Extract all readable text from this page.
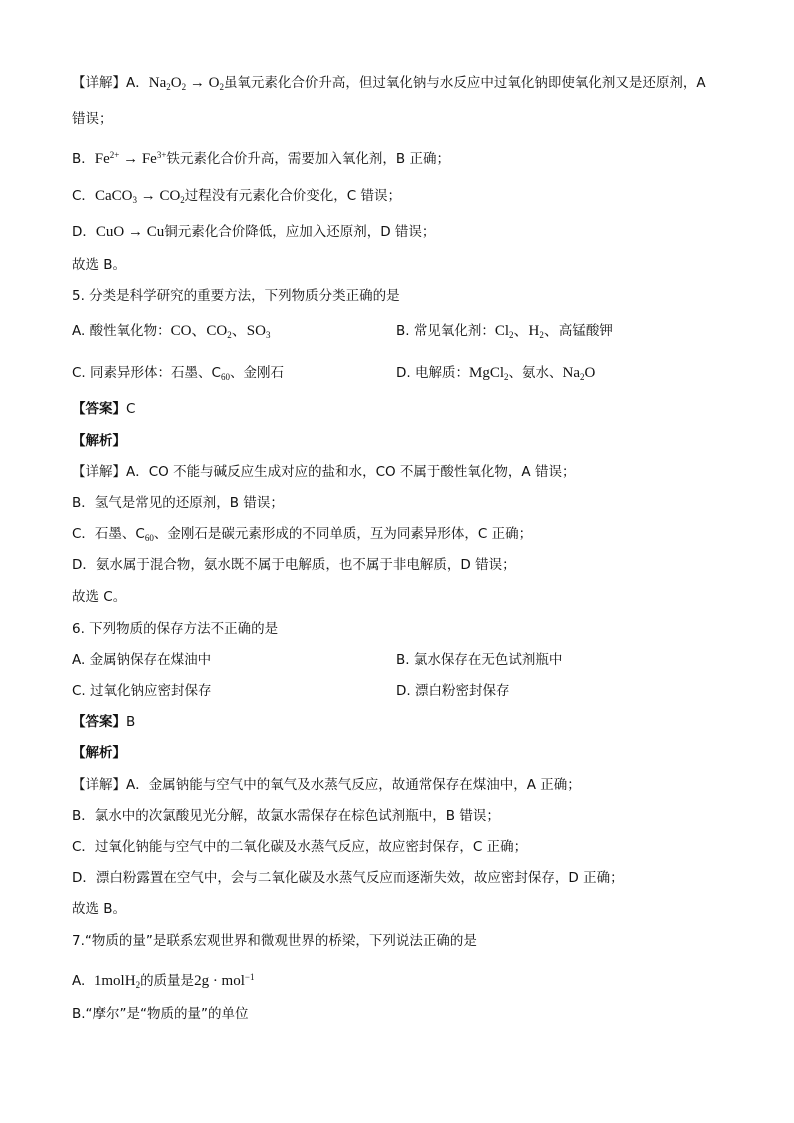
【详解】A．$Na_2O_2 \to O_2$虽氧元素化合价升高，但过氧化钠与水反应中过氧化钠即使氧化剂又是还原剂，A
错误；
B．$Fe^{2+} \to Fe^{3+}$铁元素化合价升高，需要加入氧化剂，B 正确；
C．CaCO$_3$ → $CO_2$过程没有元素化合价变化，C 错误；
D．CuO → Cu铜元素化合价降低，应加入还原剂，D 错误；
故选 B。
5. 分类是科学研究的重要方法，下列物质分类正确的是
A. 酸性氧化物：CO、$CO_2$、$SO_3$	B. 常见氧化剂：$Cl_2$、$H_2$、高锰酸钾
C. 同素异形体：石墨、$C_{60}$、金刚石	D. 电解质：MgCl$_2$、氨水、$Na_2O$
【答案】C
【解析】
【详解】A．CO 不能与碱反应生成对应的盐和水，CO 不属于酸性氧化物，A 错误；
B．氢气是常见的还原剂，B 错误；
C．石墨、$C_{60}$、金刚石是碳元素形成的不同单质，互为同素异形体，C 正确；
D．氨水属于混合物，氨水既不属于电解质，也不属于非电解质，D 错误；
故选 C。
6. 下列物质的保存方法不正确的是
A. 金属钠保存在煤油中	B. 氯水保存在无色试剂瓶中
C. 过氧化钠应密封保存	D. 漂白粉密封保存
【答案】B
【解析】
【详解】A．金属钠能与空气中的氧气及水蒸气反应，故通常保存在煤油中，A 正确；
B．氯水中的次氯酸见光分解，故氯水需保存在棕色试剂瓶中，B 错误；
C．过氧化钠能与空气中的二氧化碳及水蒸气反应，故应密封保存，C 正确；
D．漂白粉露置在空气中，会与二氧化碳及水蒸气反应而逐渐失效，故应密封保存，D 正确；
故选 B。
7.“物质的量”是联系宏观世界和微观世界的桥梁，下列说法正确的是
A. 1molH$_2$的质量是2g · mol$^{-1}$
B.“摩尔”是“物质的量”的单位
